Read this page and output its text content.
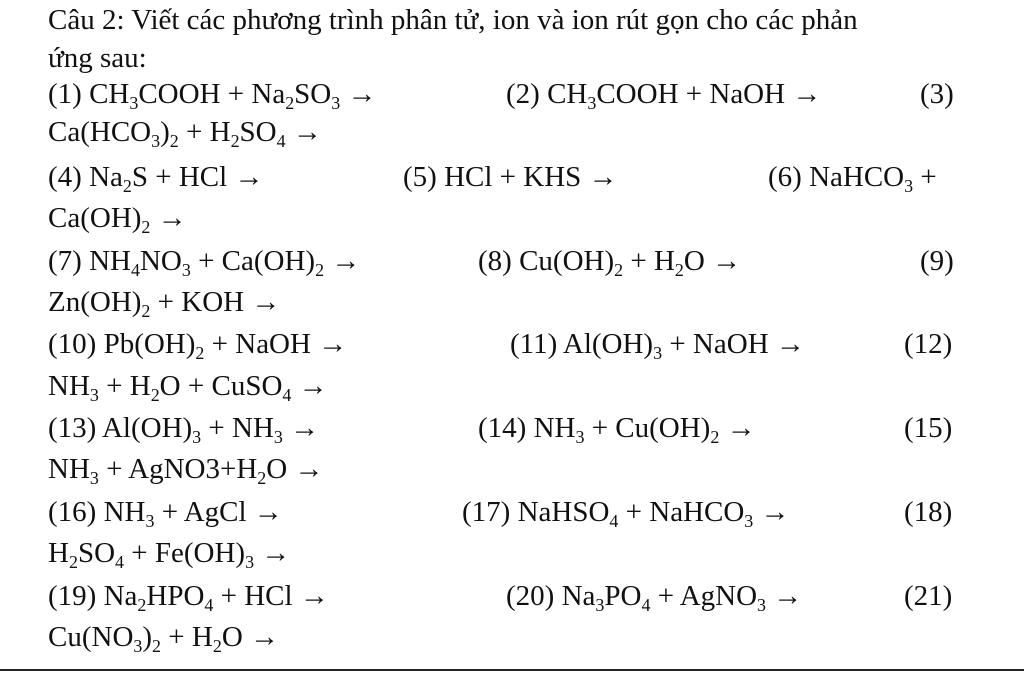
Câu 2: Viết các phương trình phân tử, ion và ion rút gọn cho các phản
ứng sau:
(1) $CH_3COOH + Na_2SO_3$ →	(2) $CH_3COOH$ + NaOH →	(3)
$Ca(HCO_3)_2 + H_2SO_4$ →
(4) $Na_2S$ + HCl →	(5) HCl + KHS →	(6) NaHCO$_3$ +
$Ca(OH)_2$ →
(7) $NH_4NO_3 + Ca(OH)_2$ →	(8) $Cu(OH)_2 + H_2O$ →	(9)
$Zn(OH)_2$ + KOH →
(10) $Pb(OH)_2$ + NaOH →	(11) $Al(OH)_3$ + NaOH →	(12)
$NH_3 + H_2O$ + CuSO$_4$ →
(13) $Al(OH)_3 + NH_3$ →	(14) $NH_3 + Cu(OH)_2$ →	(15)
$NH_3$ + $AgNO3+H_2O$ →
(16) $NH_3$ + AgCl →	(17) NaHSO$_4$ + NaHCO$_3$ →	(18)
$H_2SO_4 + Fe(OH)_3$ →
(19) $Na_2HPO_4$ + HCl →	(20) $Na_3PO_4$ + AgNO$_3$ →	(21)
$Cu(NO_3)_2 + H_2O$ →
